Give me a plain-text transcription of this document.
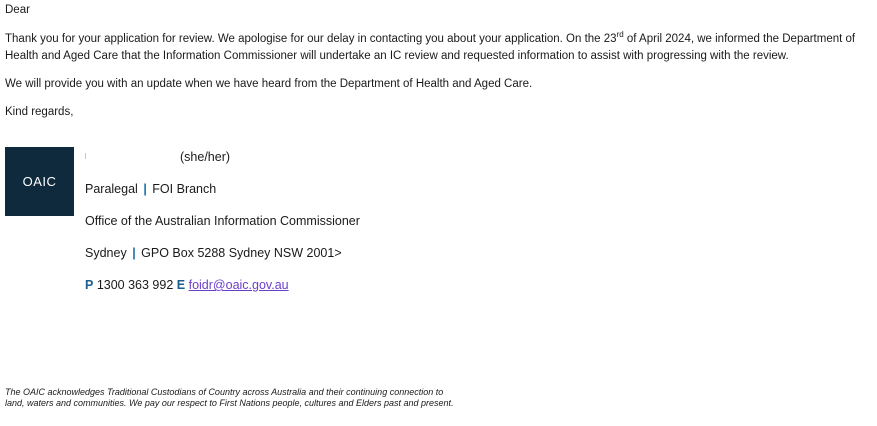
Dear

Thank you for your application for review. We apologise for our delay in contacting you about your application. On the 23rd of April 2024, we informed the Department of Health and Aged Care that the Information Commissioner will undertake an IC review and requested information to assist with progressing with the review.

We will provide you with an update when we have heard from the Department of Health and Aged Care.

Kind regards,

OAIC
(she/her)
Paralegal | FOI Branch
Office of the Australian Information Commissioner
Sydney | GPO Box 5288 Sydney NSW 2001>
P 1300 363 992 E foidr@oaic.gov.au
The OAIC acknowledges Traditional Custodians of Country across Australia and their continuing connection to land, waters and communities. We pay our respect to First Nations people, cultures and Elders past and present.
